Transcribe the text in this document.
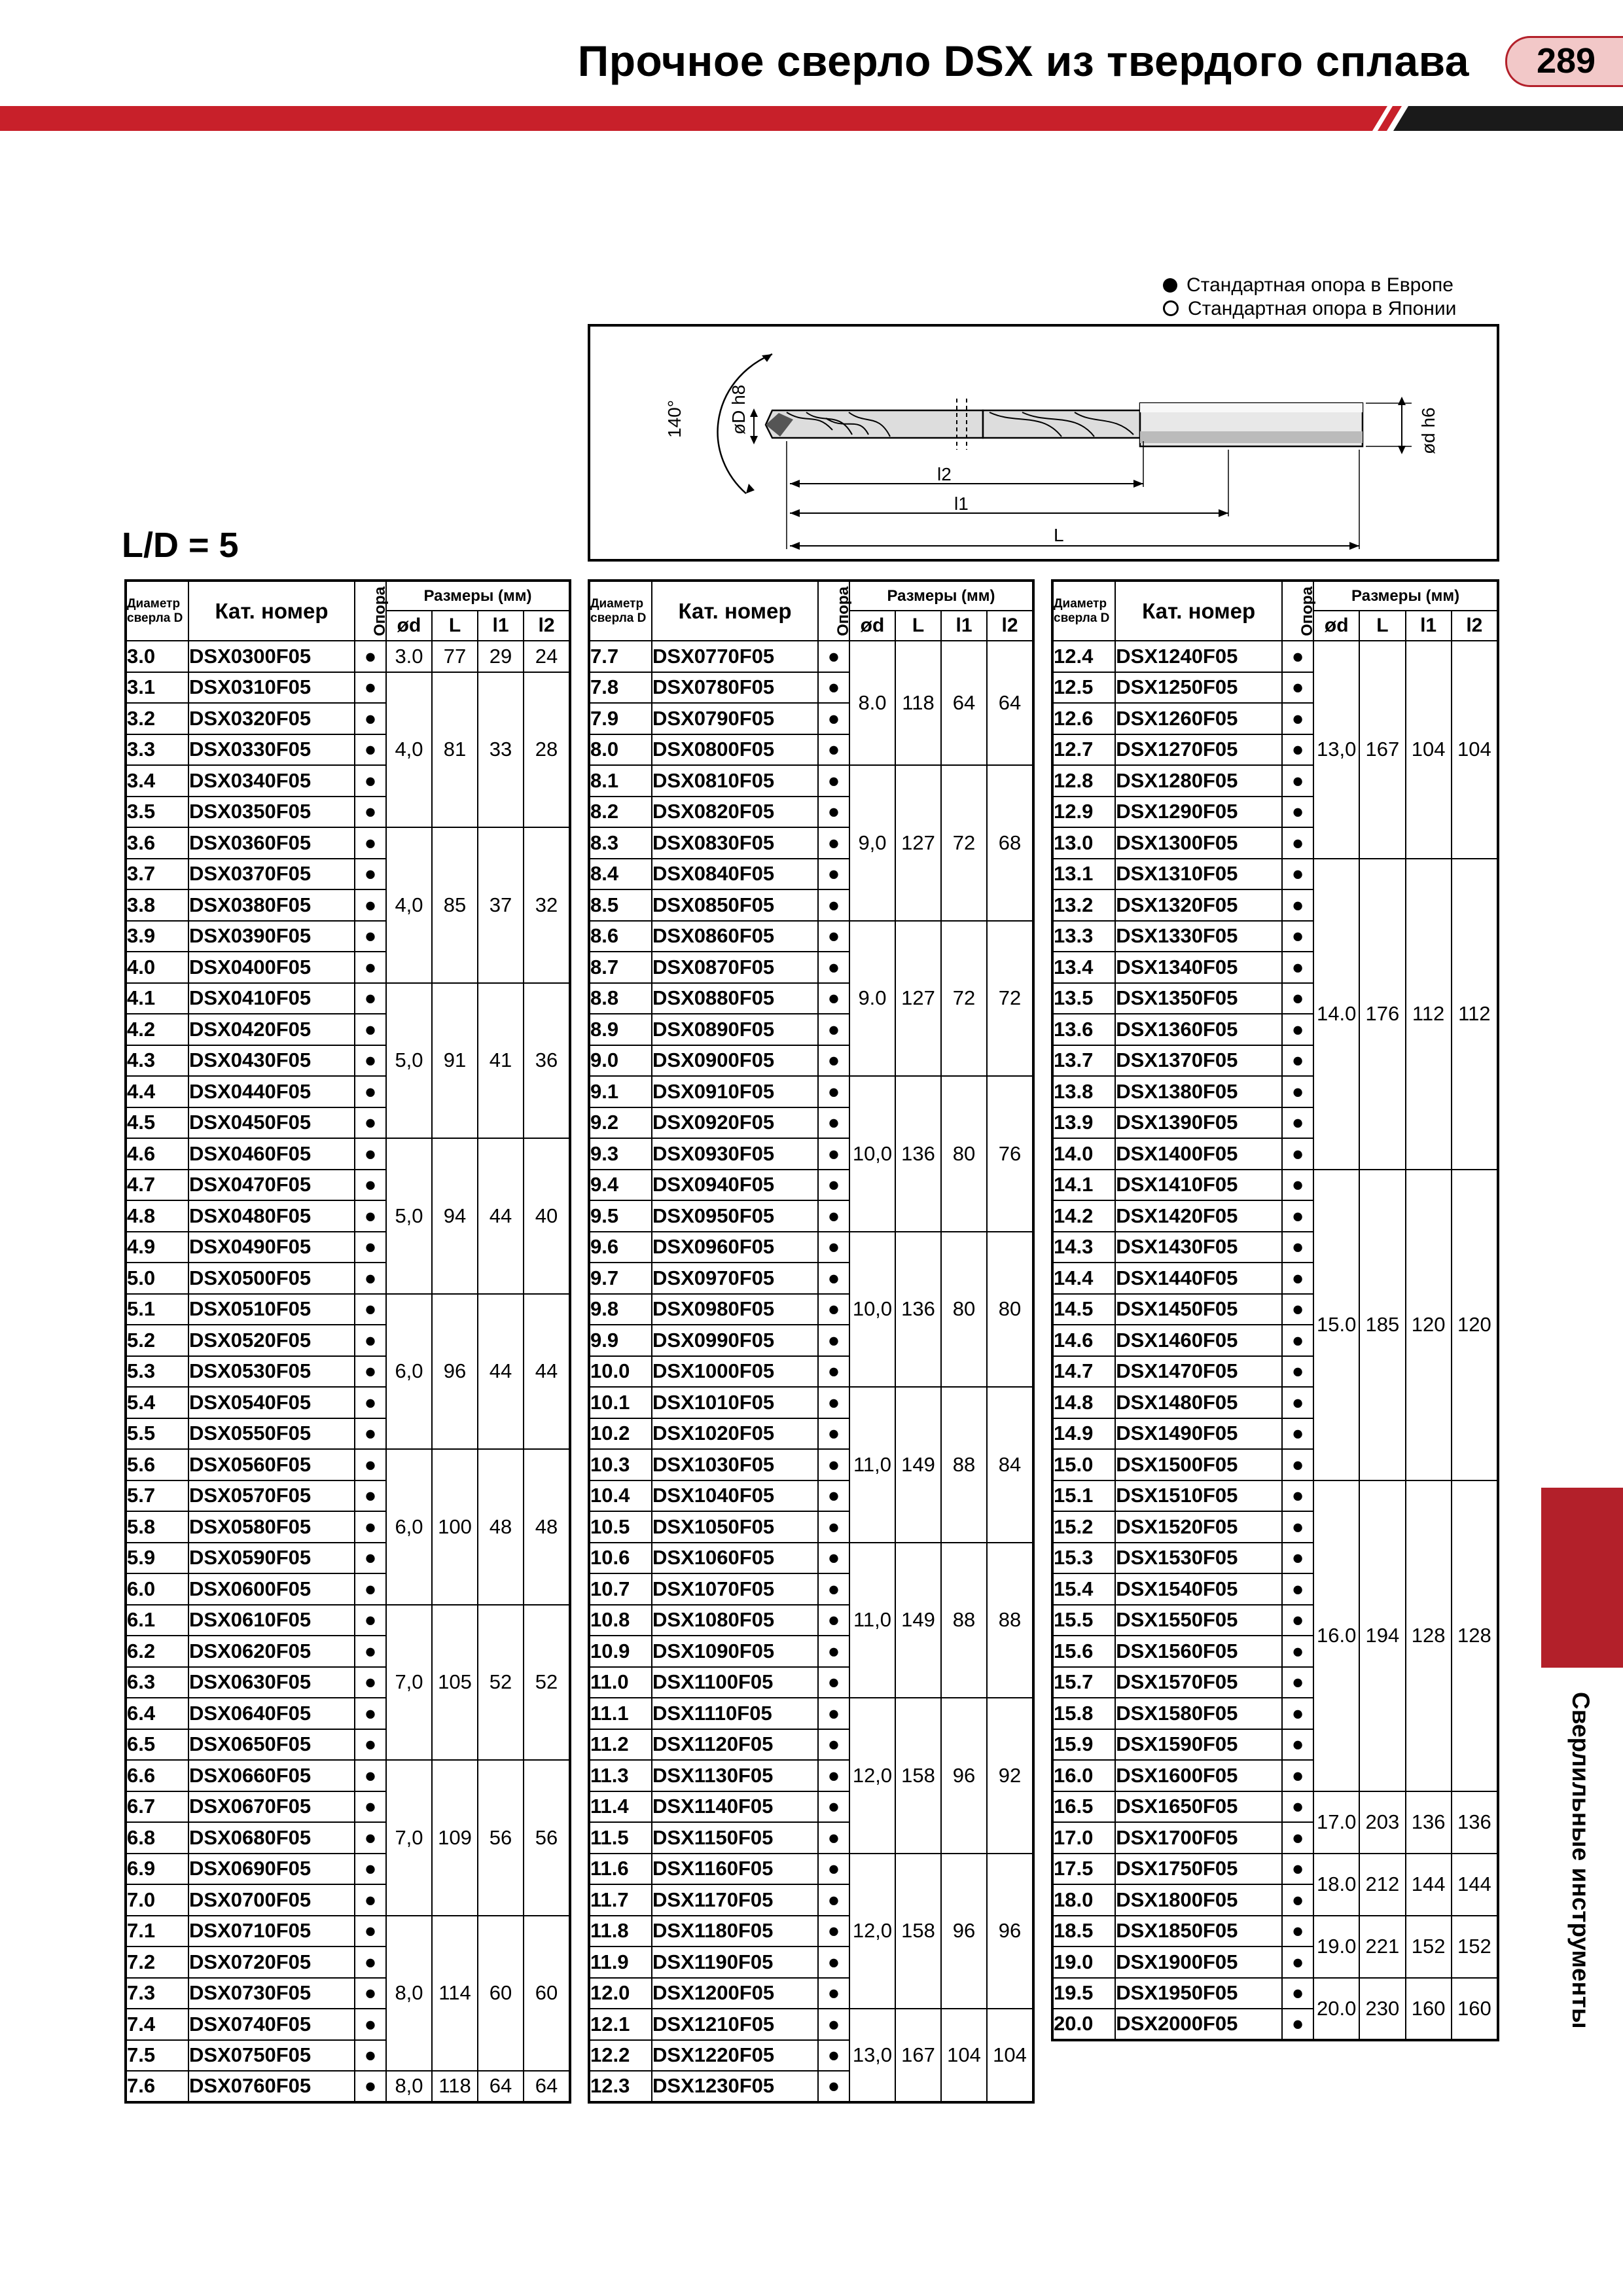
Прочное сверло DSX из твердого сплава	289
Стандартная опора в Европе
Стандартная опора в Японии
140° øD h8	ød h6
l2
l1
L
L/D = 5
Диаметр сверла D	Кат. номер	Опора	Размеры (мм)			
			ød	L	l1	l2
3.0	DSX0300F05	●	3.0	77	29	24
3.1	DSX0310F05	●	4,0	81	33	28
3.2	DSX0320F05	●				
3.3	DSX0330F05	●				
3.4	DSX0340F05	●				
3.5	DSX0350F05	●				
3.6	DSX0360F05	●	4,0	85	37	32
3.7	DSX0370F05	●				
3.8	DSX0380F05	●				
3.9	DSX0390F05	●				
4.0	DSX0400F05	●				
4.1	DSX0410F05	●	5,0	91	41	36
4.2	DSX0420F05	●				
4.3	DSX0430F05	●				
4.4	DSX0440F05	●				
4.5	DSX0450F05	●				
4.6	DSX0460F05	●	5,0	94	44	40
4.7	DSX0470F05	●				
4.8	DSX0480F05	●				
4.9	DSX0490F05	●				
5.0	DSX0500F05	●				
5.1	DSX0510F05	●	6,0	96	44	44
5.2	DSX0520F05	●				
5.3	DSX0530F05	●				
5.4	DSX0540F05	●				
5.5	DSX0550F05	●				
5.6	DSX0560F05	●	6,0	100	48	48
5.7	DSX0570F05	●				
5.8	DSX0580F05	●				
5.9	DSX0590F05	●				
6.0	DSX0600F05	●				
6.1	DSX0610F05	●	7,0	105	52	52
6.2	DSX0620F05	●				
6.3	DSX0630F05	●				
6.4	DSX0640F05	●				
6.5	DSX0650F05	●				
6.6	DSX0660F05	●	7,0	109	56	56
6.7	DSX0670F05	●				
6.8	DSX0680F05	●				
6.9	DSX0690F05	●				
7.0	DSX0700F05	●				
7.1	DSX0710F05	●	8,0	114	60	60
7.2	DSX0720F05	●				
7.3	DSX0730F05	●				
7.4	DSX0740F05	●				
7.5	DSX0750F05	●				
7.6	DSX0760F05	●	8,0	118	64	64
Диаметр сверла D	Кат. номер	Опора	Размеры (мм)			
			ød	L	l1	l2
7.7	DSX0770F05	●	8.0	118	64	64
7.8	DSX0780F05	●				
7.9	DSX0790F05	●				
8.0	DSX0800F05	●				
8.1	DSX0810F05	●	9,0	127	72	68
8.2	DSX0820F05	●				
8.3	DSX0830F05	●				
8.4	DSX0840F05	●				
8.5	DSX0850F05	●				
8.6	DSX0860F05	●	9.0	127	72	72
8.7	DSX0870F05	●				
8.8	DSX0880F05	●				
8.9	DSX0890F05	●				
9.0	DSX0900F05	●				
9.1	DSX0910F05	●	10,0	136	80	76
9.2	DSX0920F05	●				
9.3	DSX0930F05	●				
9.4	DSX0940F05	●				
9.5	DSX0950F05	●				
9.6	DSX0960F05	●	10,0	136	80	80
9.7	DSX0970F05	●				
9.8	DSX0980F05	●				
9.9	DSX0990F05	●				
10.0	DSX1000F05	●				
10.1	DSX1010F05	●	11,0	149	88	84
10.2	DSX1020F05	●				
10.3	DSX1030F05	●				
10.4	DSX1040F05	●				
10.5	DSX1050F05	●				
10.6	DSX1060F05	●	11,0	149	88	88
10.7	DSX1070F05	●				
10.8	DSX1080F05	●				
10.9	DSX1090F05	●				
11.0	DSX1100F05	●				
11.1	DSX1110F05	●	12,0	158	96	92
11.2	DSX1120F05	●				
11.3	DSX1130F05	●				
11.4	DSX1140F05	●				
11.5	DSX1150F05	●				
11.6	DSX1160F05	●	12,0	158	96	96
11.7	DSX1170F05	●				
11.8	DSX1180F05	●				
11.9	DSX1190F05	●				
12.0	DSX1200F05	●				
12.1	DSX1210F05	●	13,0	167	104	104
12.2	DSX1220F05	●				
12.3	DSX1230F05	●				
Диаметр сверла D	Кат. номер	Опора	Размеры (мм)			
			ød	L	l1	l2
12.4	DSX1240F05	●	13,0	167	104	104
12.5	DSX1250F05	●				
12.6	DSX1260F05	●				
12.7	DSX1270F05	●				
12.8	DSX1280F05	●				
12.9	DSX1290F05	●				
13.0	DSX1300F05	●				
13.1	DSX1310F05	●	14.0	176	112	112
13.2	DSX1320F05	●				
13.3	DSX1330F05	●				
13.4	DSX1340F05	●				
13.5	DSX1350F05	●				
13.6	DSX1360F05	●				
13.7	DSX1370F05	●				
13.8	DSX1380F05	●				
13.9	DSX1390F05	●				
14.0	DSX1400F05	●				
14.1	DSX1410F05	●	15.0	185	120	120
14.2	DSX1420F05	●				
14.3	DSX1430F05	●				
14.4	DSX1440F05	●				
14.5	DSX1450F05	●				
14.6	DSX1460F05	●				
14.7	DSX1470F05	●				
14.8	DSX1480F05	●				
14.9	DSX1490F05	●				
15.0	DSX1500F05	●				
15.1	DSX1510F05	●	16.0	194	128	128
15.2	DSX1520F05	●				
15.3	DSX1530F05	●				
15.4	DSX1540F05	●				
15.5	DSX1550F05	●				
15.6	DSX1560F05	●				
15.7	DSX1570F05	●				
15.8	DSX1580F05	●				
15.9	DSX1590F05	●				
16.0	DSX1600F05	●				
16.5	DSX1650F05	●	17.0	203	136	136
17.0	DSX1700F05	●				
17.5	DSX1750F05	●	18.0	212	144	144
18.0	DSX1800F05	●				
18.5	DSX1850F05	●	19.0	221	152	152
19.0	DSX1900F05	●				
19.5	DSX1950F05	●	20.0	230	160	160
20.0	DSX2000F05	●					Сверлильные инструменты
